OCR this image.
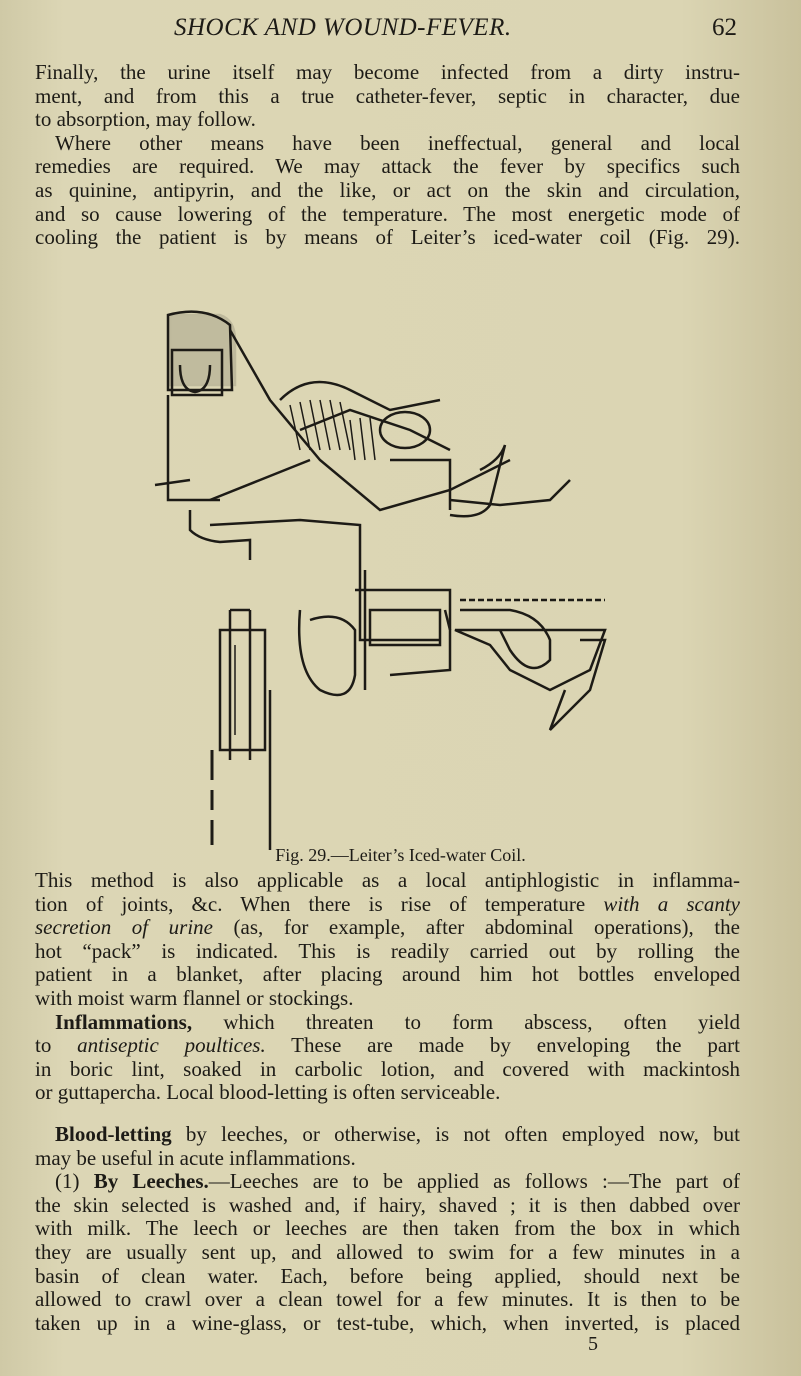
SHOCK AND WOUND-FEVER.	62
Finally, the urine itself may become infected from a dirty instru-
ment, and from this a true catheter-fever, septic in character, due
to absorption, may follow.
Where other means have been ineffectual, general and local
remedies are required. We may attack the fever by specifics such
as quinine, antipyrin, and the like, or act on the skin and circulation,
and so cause lowering of the temperature. The most energetic mode of
cooling the patient is by means of Leiter’s iced-water coil (Fig. 29).
This method is also applicable as a local antiphlogistic in inflamma-
tion of joints, &c. When there is rise of temperature with a scanty
secretion of urine (as, for example, after abdominal operations), the
hot “pack” is indicated. This is readily carried out by rolling the
patient in a blanket, after placing around him hot bottles enveloped
with moist warm flannel or stockings.
Inflammations, which threaten to form abscess, often yield
to antiseptic poultices. These are made by enveloping the part
in boric lint, soaked in carbolic lotion, and covered with mackintosh
or guttapercha. Local blood-letting is often serviceable.
Blood-letting by leeches, or otherwise, is not often employed now, but
may be useful in acute inflammations.
(1) By Leeches.—Leeches are to be applied as follows :—The part of
the skin selected is washed and, if hairy, shaved ; it is then dabbed over
with milk. The leech or leeches are then taken from the box in which
they are usually sent up, and allowed to swim for a few minutes in a
basin of clean water. Each, before being applied, should next be
allowed to crawl over a clean towel for a few minutes. It is then to be
taken up in a wine-glass, or test-tube, which, when inverted, is placed
Fig. 29.—Leiter’s Iced-water Coil.
5
